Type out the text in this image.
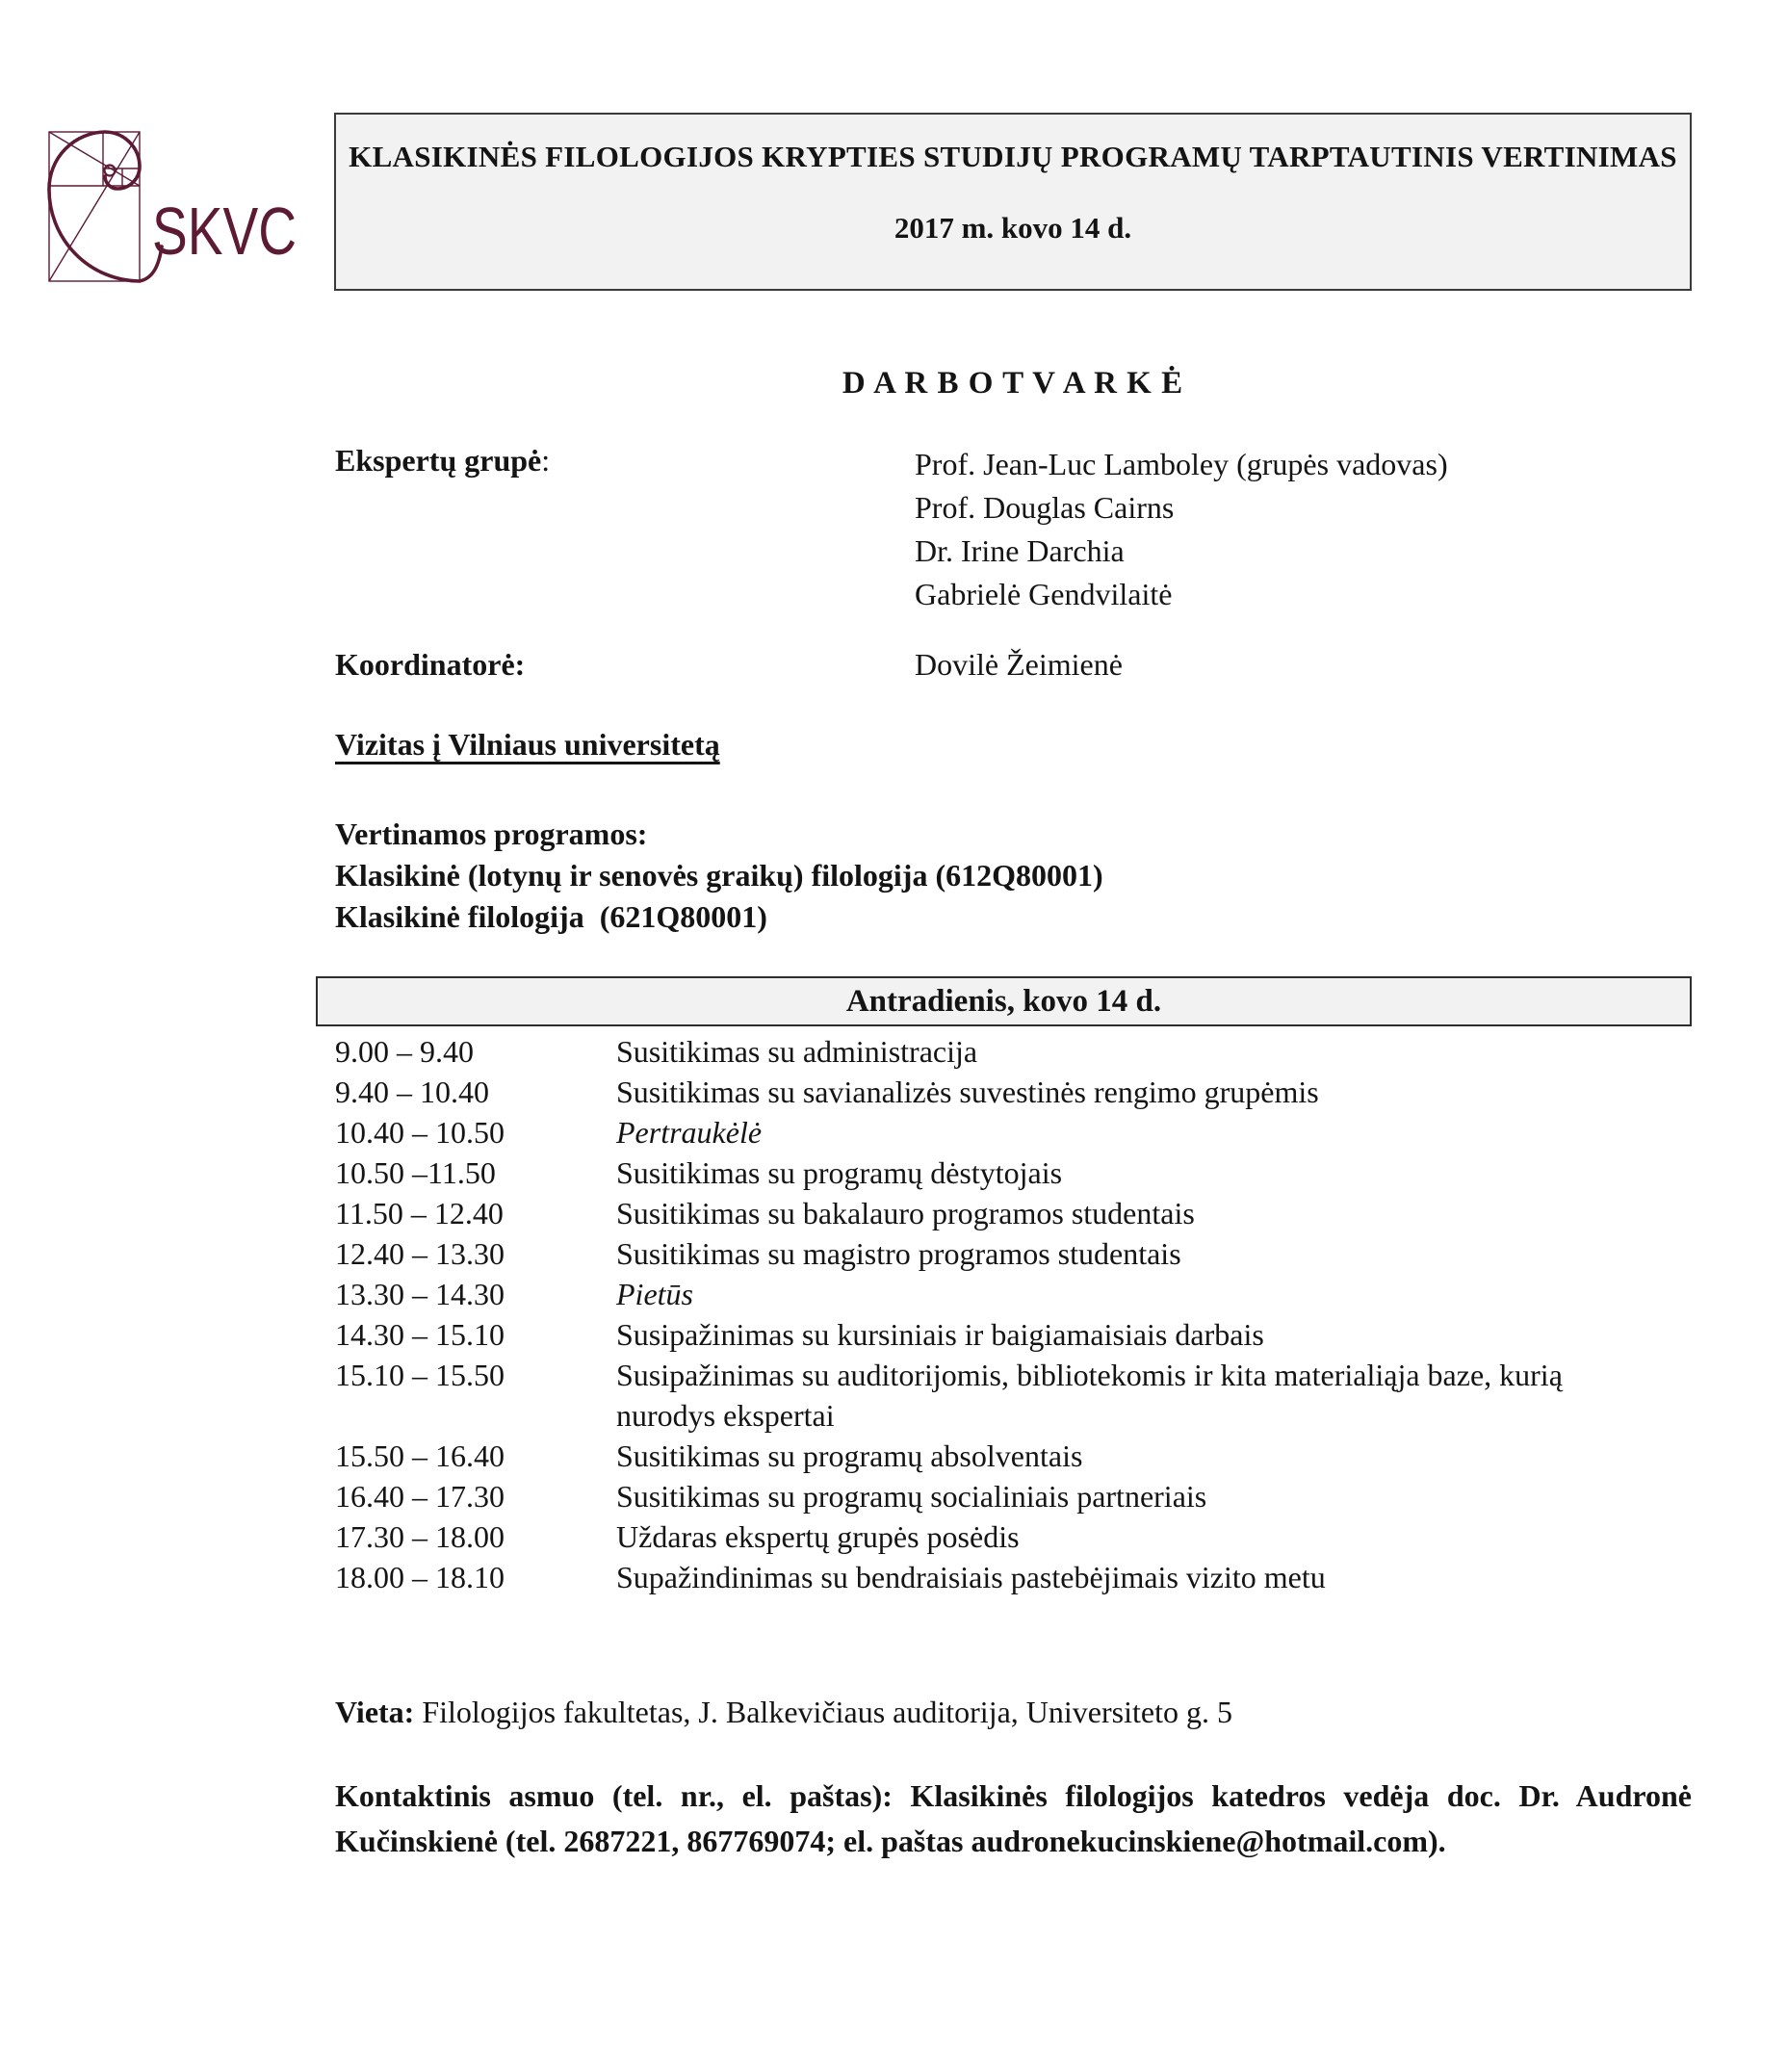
SKVC
KLASIKINĖS FILOLOGIJOS KRYPTIES STUDIJŲ PROGRAMŲ TARPTAUTINIS VERTINIMAS
2017 m. kovo 14 d.
D A R B O T V A R K Ė
Ekspertų grupė:	Prof. Jean-Luc Lamboley (grupės vadovas)
Prof. Douglas Cairns
Dr. Irine Darchia
Gabrielė Gendvilaitė
Koordinatorė:	Dovilė Žeimienė
Vizitas į Vilniaus universitetą
Vertinamos programos:
Klasikinė (lotynų ir senovės graikų) filologija (612Q80001)
Klasikinė filologija  (621Q80001)
Antradienis, kovo 14 d.
9.00 – 9.40	Susitikimas su administracija
9.40 – 10.40	Susitikimas su savianalizės suvestinės rengimo grupėmis
10.40 – 10.50	Pertraukėlė
10.50 –11.50	Susitikimas su programų dėstytojais
11.50 – 12.40	Susitikimas su bakalauro programos studentais
12.40 – 13.30	Susitikimas su magistro programos studentais
13.30 – 14.30	Pietūs
14.30 – 15.10	Susipažinimas su kursiniais ir baigiamaisiais darbais
15.10 – 15.50	Susipažinimas su auditorijomis, bibliotekomis ir kita materialiąja baze, kurią nurodys ekspertai
15.50 – 16.40	Susitikimas su programų absolventais
16.40 – 17.30	Susitikimas su programų socialiniais partneriais
17.30 – 18.00	Uždaras ekspertų grupės posėdis
18.00 – 18.10	Supažindinimas su bendraisiais pastebėjimais vizito metu
Vieta: Filologijos fakultetas, J. Balkevičiaus auditorija, Universiteto g. 5
Kontaktinis asmuo (tel. nr., el. paštas): Klasikinės filologijos katedros vedėja doc. Dr. Audronė Kučinskienė (tel. 2687221, 867769074; el. paštas audronekucinskiene@hotmail.com).
